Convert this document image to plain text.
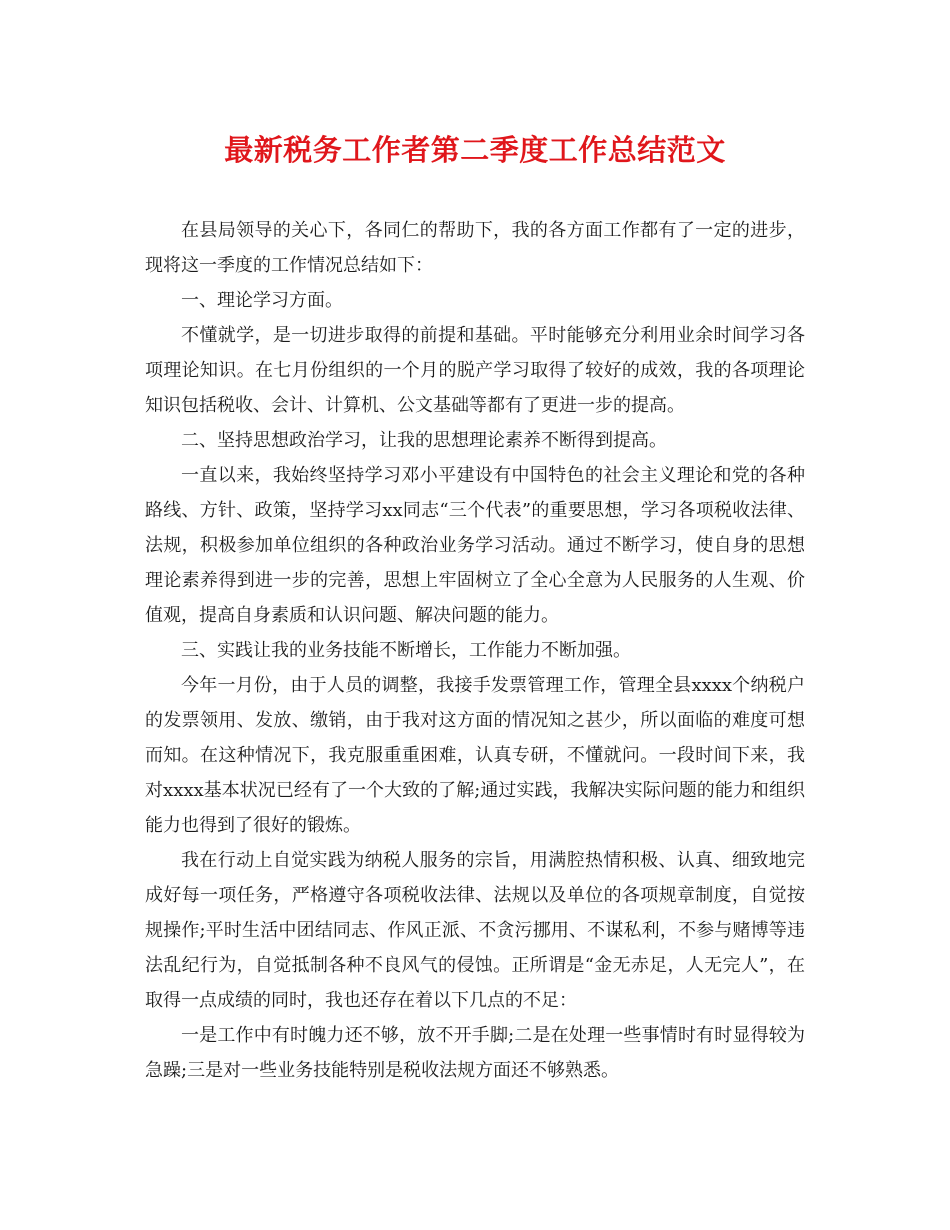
最新税务工作者第二季度工作总结范文

在县局领导的关心下，各同仁的帮助下，我的各方面工作都有了一定的进步，现将这一季度的工作情况总结如下：

一、理论学习方面。

不懂就学，是一切进步取得的前提和基础。平时能够充分利用业余时间学习各项理论知识。在七月份组织的一个月的脱产学习取得了较好的成效，我的各项理论知识包括税收、会计、计算机、公文基础等都有了更进一步的提高。

二、坚持思想政治学习，让我的思想理论素养不断得到提高。

一直以来，我始终坚持学习邓小平建设有中国特色的社会主义理论和党的各种路线、方针、政策，坚持学习xx同志“三个代表”的重要思想，学习各项税收法律、法规，积极参加单位组织的各种政治业务学习活动。通过不断学习，使自身的思想理论素养得到进一步的完善，思想上牢固树立了全心全意为人民服务的人生观、价值观，提高自身素质和认识问题、解决问题的能力。

三、实践让我的业务技能不断增长，工作能力不断加强。

今年一月份，由于人员的调整，我接手发票管理工作，管理全县xxxx个纳税户的发票领用、发放、缴销，由于我对这方面的情况知之甚少，所以面临的难度可想而知。在这种情况下，我克服重重困难，认真专研，不懂就问。一段时间下来，我对xxxx基本状况已经有了一个大致的了解;通过实践，我解决实际问题的能力和组织能力也得到了很好的锻炼。

我在行动上自觉实践为纳税人服务的宗旨，用满腔热情积极、认真、细致地完成好每一项任务，严格遵守各项税收法律、法规以及单位的各项规章制度，自觉按规操作;平时生活中团结同志、作风正派、不贪污挪用、不谋私利，不参与赌博等违法乱纪行为，自觉抵制各种不良风气的侵蚀。正所谓是“金无赤足，人无完人”，在取得一点成绩的同时，我也还存在着以下几点的不足：

一是工作中有时魄力还不够，放不开手脚;二是在处理一些事情时有时显得较为急躁;三是对一些业务技能特别是税收法规方面还不够熟悉。
